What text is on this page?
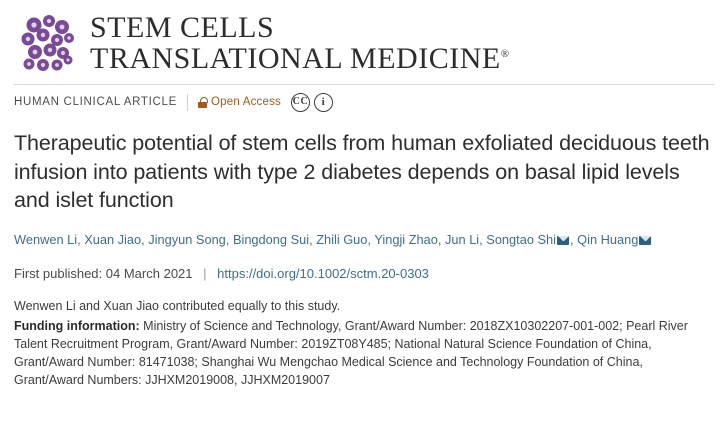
STEM CELLS
TRANSLATIONAL MEDICINE®
HUMAN CLINICAL ARTICLE	Open Access CC	i
Therapeutic potential of stem cells from human exfoliated deciduous teeth infusion into patients with type 2 diabetes depends on basal lipid levels and islet function
Wenwen Li, Xuan Jiao, Jingyun Song, Bingdong Sui, Zhili Guo, Yingji Zhao, Jun Li, Songtao Shi , Qin Huang
First published: 04 March 2021 | https://doi.org/10.1002/sctm.20-0303
Wenwen Li and Xuan Jiao contributed equally to this study.
Funding information: Ministry of Science and Technology, Grant/Award Number: 2018ZX10302207-001-002; Pearl River Talent Recruitment Program, Grant/Award Number: 2019ZT08Y485; National Natural Science Foundation of China, Grant/Award Number: 81471038; Shanghai Wu Mengchao Medical Science and Technology Foundation of China, Grant/Award Numbers: JJHXM2019008, JJHXM2019007
